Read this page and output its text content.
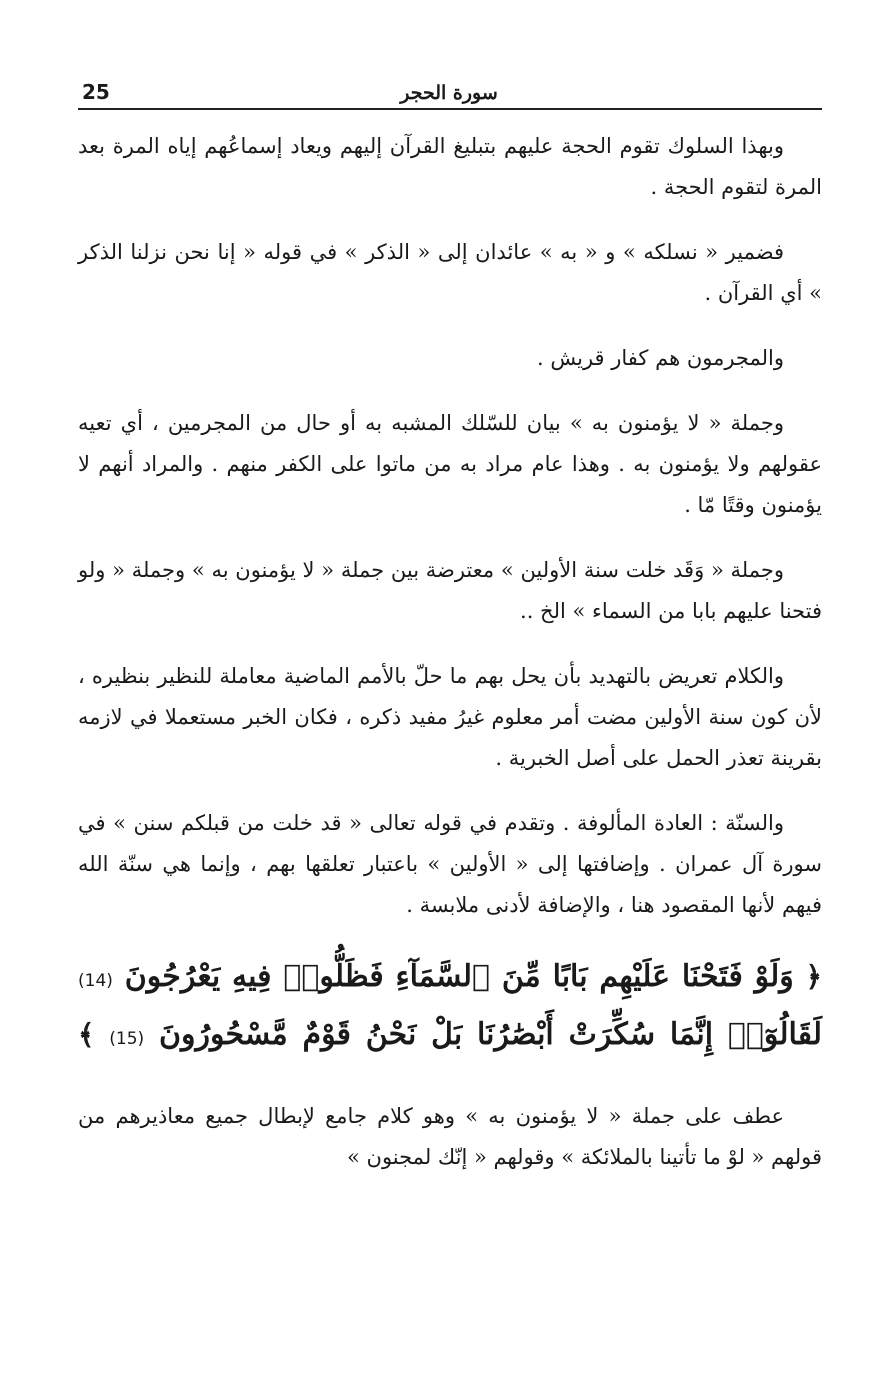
25	سورة الحجر

وبهذا السلوك تقوم الحجة عليهم بتبليغ القرآن إليهم ويعاد إسماعُهم إياه المرة بعد المرة لتقوم الحجة .

فضمير « نسلكه » و « به » عائدان إلى « الذكر » في قوله « إنا نحن نزلنا الذكر » أي القرآن .

والمجرمون هم كفار قريش .

وجملة « لا يؤمنون به » بيان للسّلك المشبه به أو حال من المجرمين ، أي تعيه عقولهم ولا يؤمنون به . وهذا عام مراد به من ماتوا على الكفر منهم . والمراد أنهم لا يؤمنون وقتًا مّا .

وجملة « وَقَد خلت سنة الأولين » معترضة بين جملة « لا يؤمنون به » وجملة « ولو فتحنا عليهم بابا من السماء » الخ ..

والكلام تعريض بالتهديد بأن يحل بهم ما حلّ بالأمم الماضية معاملة للنظير بنظيره ، لأن كون سنة الأولين مضت أمر معلوم غيرُ مفيد ذكره ، فكان الخبر مستعملا في لازمه بقرينة تعذر الحمل على أصل الخبرية .

والسنّة : العادة المألوفة . وتقدم في قوله تعالى « قد خلت من قبلكم سنن » في سورة آل عمران . وإضافتها إلى « الأولين » باعتبار تعلقها بهم ، وإنما هي سنّة الله فيهم لأنها المقصود هنا ، والإضافة لأدنى ملابسة .

﴿ وَلَوْ فَتَحْنَا عَلَيْهِم بَابًا مِّنَ ٱلسَّمَآءِ فَظَلُّوا۟ فِيهِ يَعْرُجُونَ (14)
لَقَالُوٓا۟ إِنَّمَا سُكِّرَتْ أَبْصَٰرُنَا بَلْ نَحْنُ قَوْمٌ مَّسْحُورُونَ (15) ﴾

عطف على جملة « لا يؤمنون به » وهو كلام جامع لإبطال جميع معاذيرهم من قولهم « لوْ ما تأتينا بالملائكة » وقولهم « إنّك لمجنون »
